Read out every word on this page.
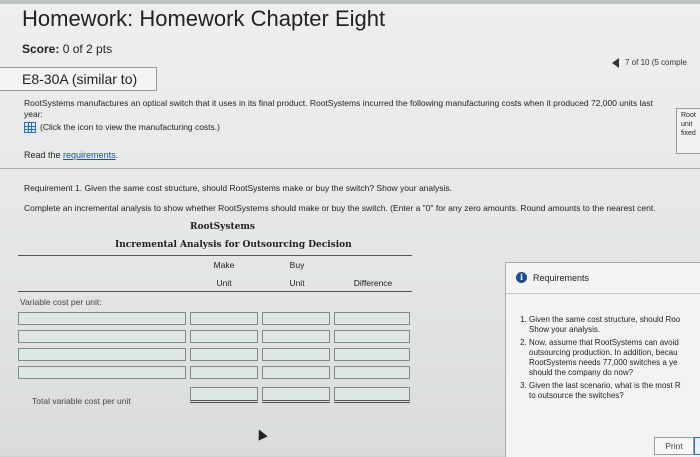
Homework: Homework Chapter Eight
Score: 0 of 2 pts
7 of 10 (5 comple
E8-30A (similar to)
RootSystems manufactures an optical switch that it uses in its final product. RootSystems incurred the following manufacturing costs when it produced 72,000 units last year:
(Click the icon to view the manufacturing costs.)
Root
unit
fixed
Read the requirements.
Requirement 1. Given the same cost structure, should RootSystems make or buy the switch? Show your analysis.
Complete an incremental analysis to show whether RootSystems should make or buy the switch. (Enter a "0" for any zero amounts. Round amounts to the nearest cent.
RootSystems
Incremental Analysis for Outsourcing Decision
Make
Unit
Buy
Unit	Difference
Variable cost per unit:
Total variable cost per unit
i	Requirements
1. Given the same cost structure, should Roo
Show your analysis.
2. Now, assume that RootSystems can avoid
outsourcing production. In addition, becau
RootSystems needs 77,000 switches a ye
should the company do now?
3. Given the last scenario, what is the most R
to outsource the switches?
Print
